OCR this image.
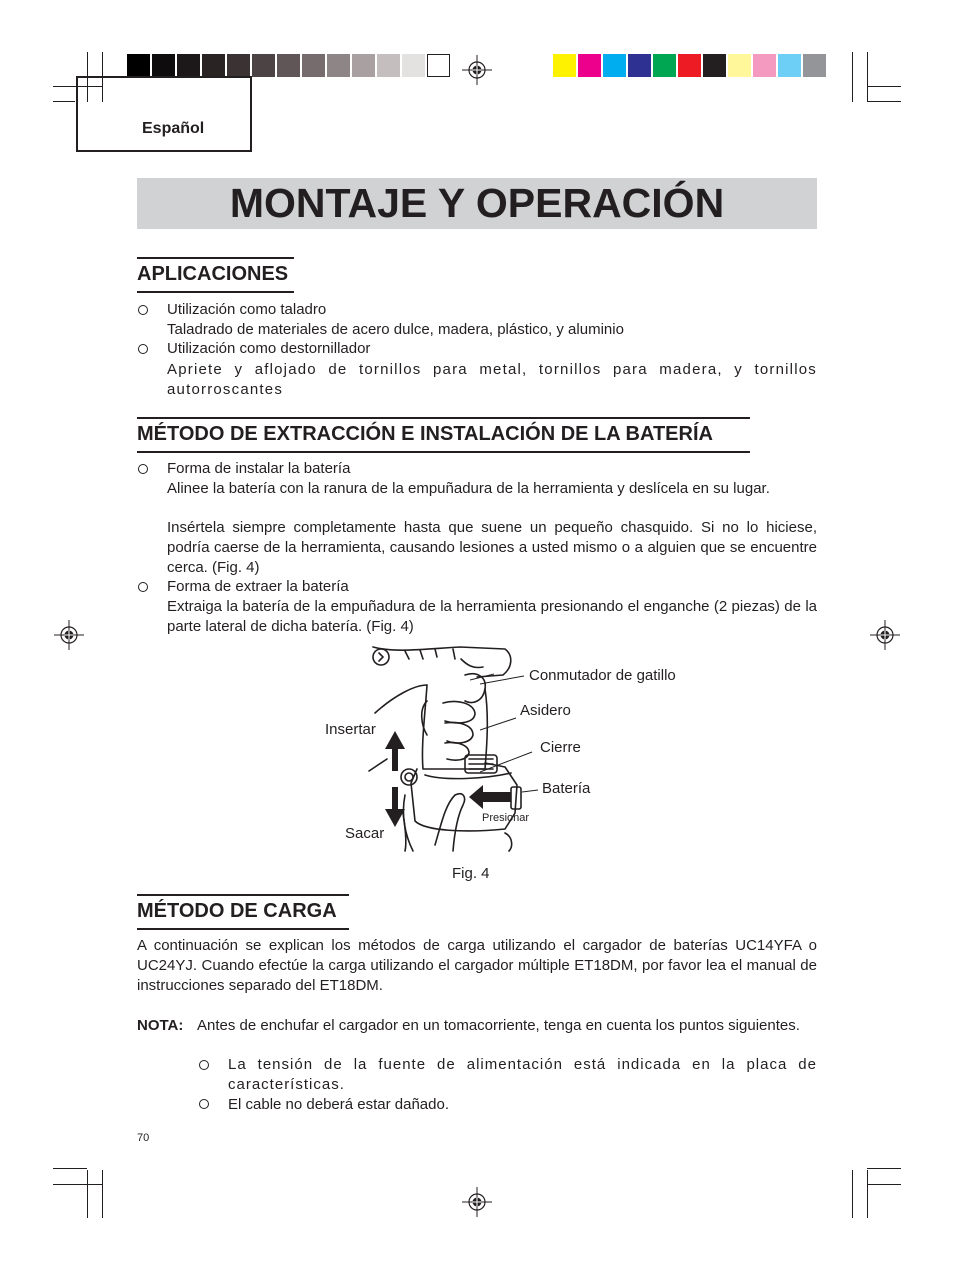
Español
MONTAJE Y OPERACIÓN
APLICACIONES
Utilización como taladro
Taladrado de materiales de acero dulce, madera, plástico, y aluminio
Utilización como destornillador
Apriete y aflojado de tornillos para metal, tornillos para madera, y tornillos autorroscantes
MÉTODO DE EXTRACCIÓN E INSTALACIÓN DE LA BATERÍA
Forma de instalar la batería
Alinee la batería con la ranura de la empuñadura de la herramienta y deslícela en su lugar.
Insértela siempre completamente hasta que suene un pequeño chasquido. Si no lo hiciese, podría caerse de la herramienta, causando lesiones a usted mismo o a alguien que se encuentre cerca. (Fig. 4)
Forma de extraer la batería
Extraiga la batería de la empuñadura de la herramienta presionando el enganche (2 piezas) de la parte lateral de dicha batería. (Fig. 4)
Conmutador de gatillo
Asidero
Insertar
Cierre
Batería
Presionar
Sacar
Fig. 4
MÉTODO DE CARGA
A continuación se explican los métodos de carga utilizando el cargador de baterías UC14YFA o UC24YJ. Cuando efectúe la carga utilizando el cargador múltiple ET18DM, por favor lea el manual de instrucciones separado del ET18DM.
NOTA: Antes de enchufar el cargador en un tomacorriente, tenga en cuenta los puntos siguientes.
La tensión de la fuente de alimentación está indicada en la placa de características.
El cable no deberá estar dañado.
70
